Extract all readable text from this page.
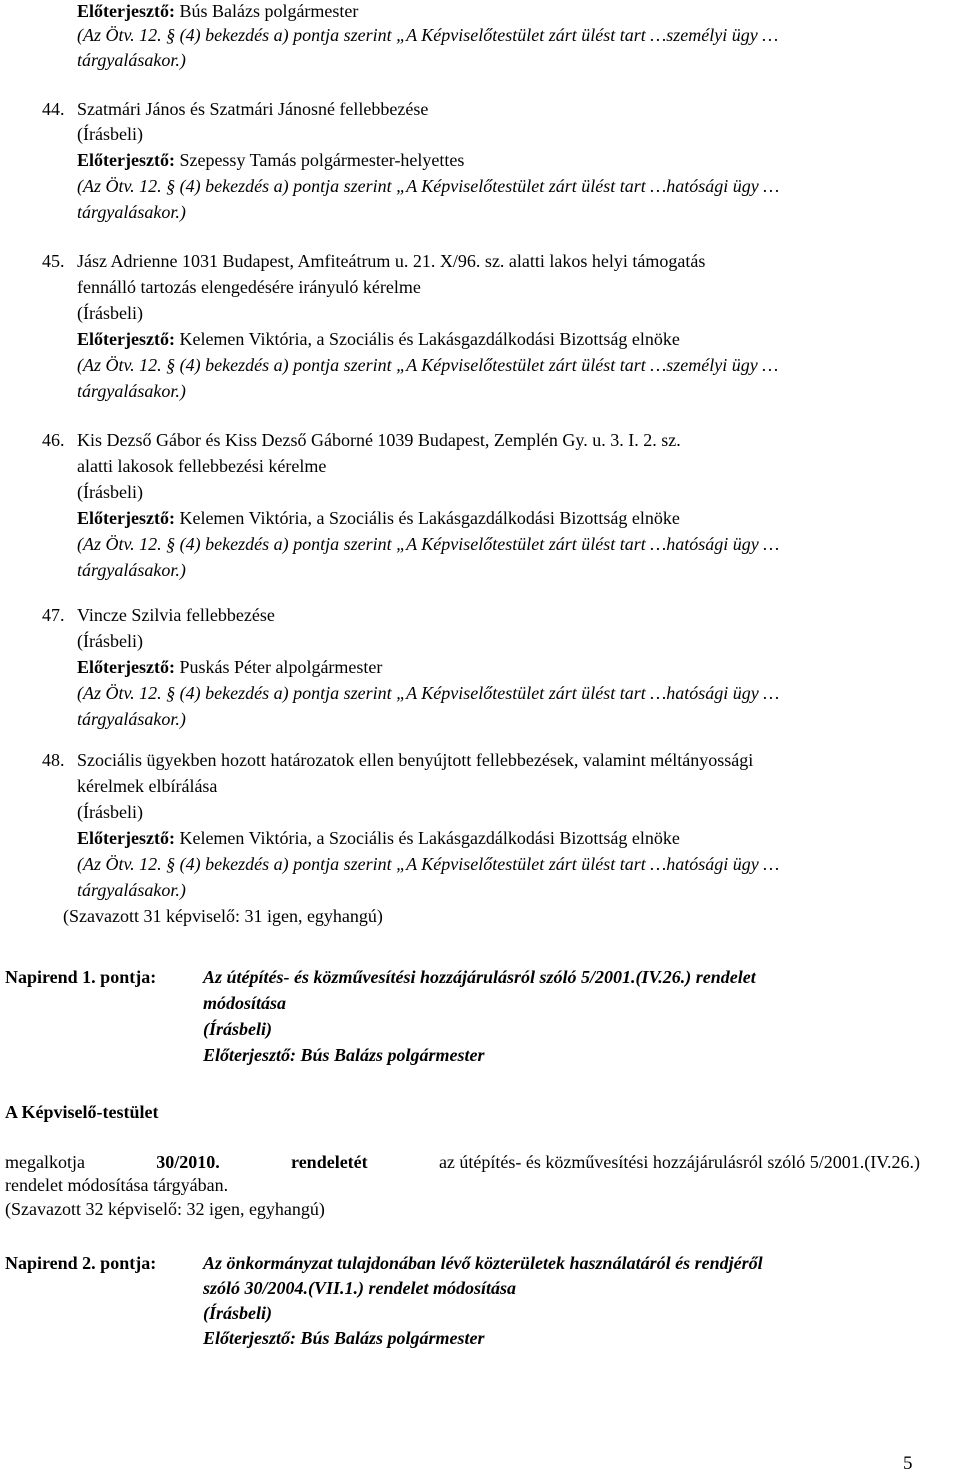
Előterjesztő: Bús Balázs polgármester
(Az Ötv. 12. § (4) bekezdés a) pontja szerint „A Képviselőtestület zárt ülést tart …személyi ügy …
tárgyalásakor.)
44. Szatmári János és Szatmári Jánosné fellebbezése
(Írásbeli)
Előterjesztő: Szepessy Tamás polgármester-helyettes
(Az Ötv. 12. § (4) bekezdés a) pontja szerint „A Képviselőtestület zárt ülést tart …hatósági ügy …
tárgyalásakor.)
45. Jász Adrienne 1031 Budapest, Amfiteátrum u. 21. X/96. sz. alatti lakos helyi támogatás
fennálló tartozás elengedésére irányuló kérelme
(Írásbeli)
Előterjesztő: Kelemen Viktória, a Szociális és Lakásgazdálkodási Bizottság elnöke
(Az Ötv. 12. § (4) bekezdés a) pontja szerint „A Képviselőtestület zárt ülést tart …személyi ügy …
tárgyalásakor.)
46. Kis Dezső Gábor és Kiss Dezső Gáborné 1039 Budapest, Zemplén Gy. u. 3. I. 2. sz.
alatti lakosok fellebbezési kérelme
(Írásbeli)
Előterjesztő: Kelemen Viktória, a Szociális és Lakásgazdálkodási Bizottság elnöke
(Az Ötv. 12. § (4) bekezdés a) pontja szerint „A Képviselőtestület zárt ülést tart …hatósági ügy …
tárgyalásakor.)
47. Vincze Szilvia fellebbezése
(Írásbeli)
Előterjesztő: Puskás Péter alpolgármester
(Az Ötv. 12. § (4) bekezdés a) pontja szerint „A Képviselőtestület zárt ülést tart …hatósági ügy …
tárgyalásakor.)
48. Szociális ügyekben hozott határozatok ellen benyújtott fellebbezések, valamint méltányossági
kérelmek elbírálása
(Írásbeli)
Előterjesztő: Kelemen Viktória, a Szociális és Lakásgazdálkodási Bizottság elnöke
(Az Ötv. 12. § (4) bekezdés a) pontja szerint „A Képviselőtestület zárt ülést tart …hatósági ügy …
tárgyalásakor.)
(Szavazott 31 képviselő: 31 igen, egyhangú)
Napirend 1. pontja:	Az útépítés- és közművesítési hozzájárulásról szóló 5/2001.(IV.26.) rendelet
módosítása
(Írásbeli)
Előterjesztő: Bús Balázs polgármester
A Képviselő-testület
megalkotja	30/2010.	rendeletét	az útépítés- és közművesítési hozzájárulásról szóló 5/2001.(IV.26.)
rendelet módosítása tárgyában.
(Szavazott 32 képviselő: 32 igen, egyhangú)
Napirend 2. pontja:	Az önkormányzat tulajdonában lévő közterületek használatáról és rendjéről
szóló 30/2004.(VII.1.) rendelet módosítása
(Írásbeli)
Előterjesztő: Bús Balázs polgármester
5
